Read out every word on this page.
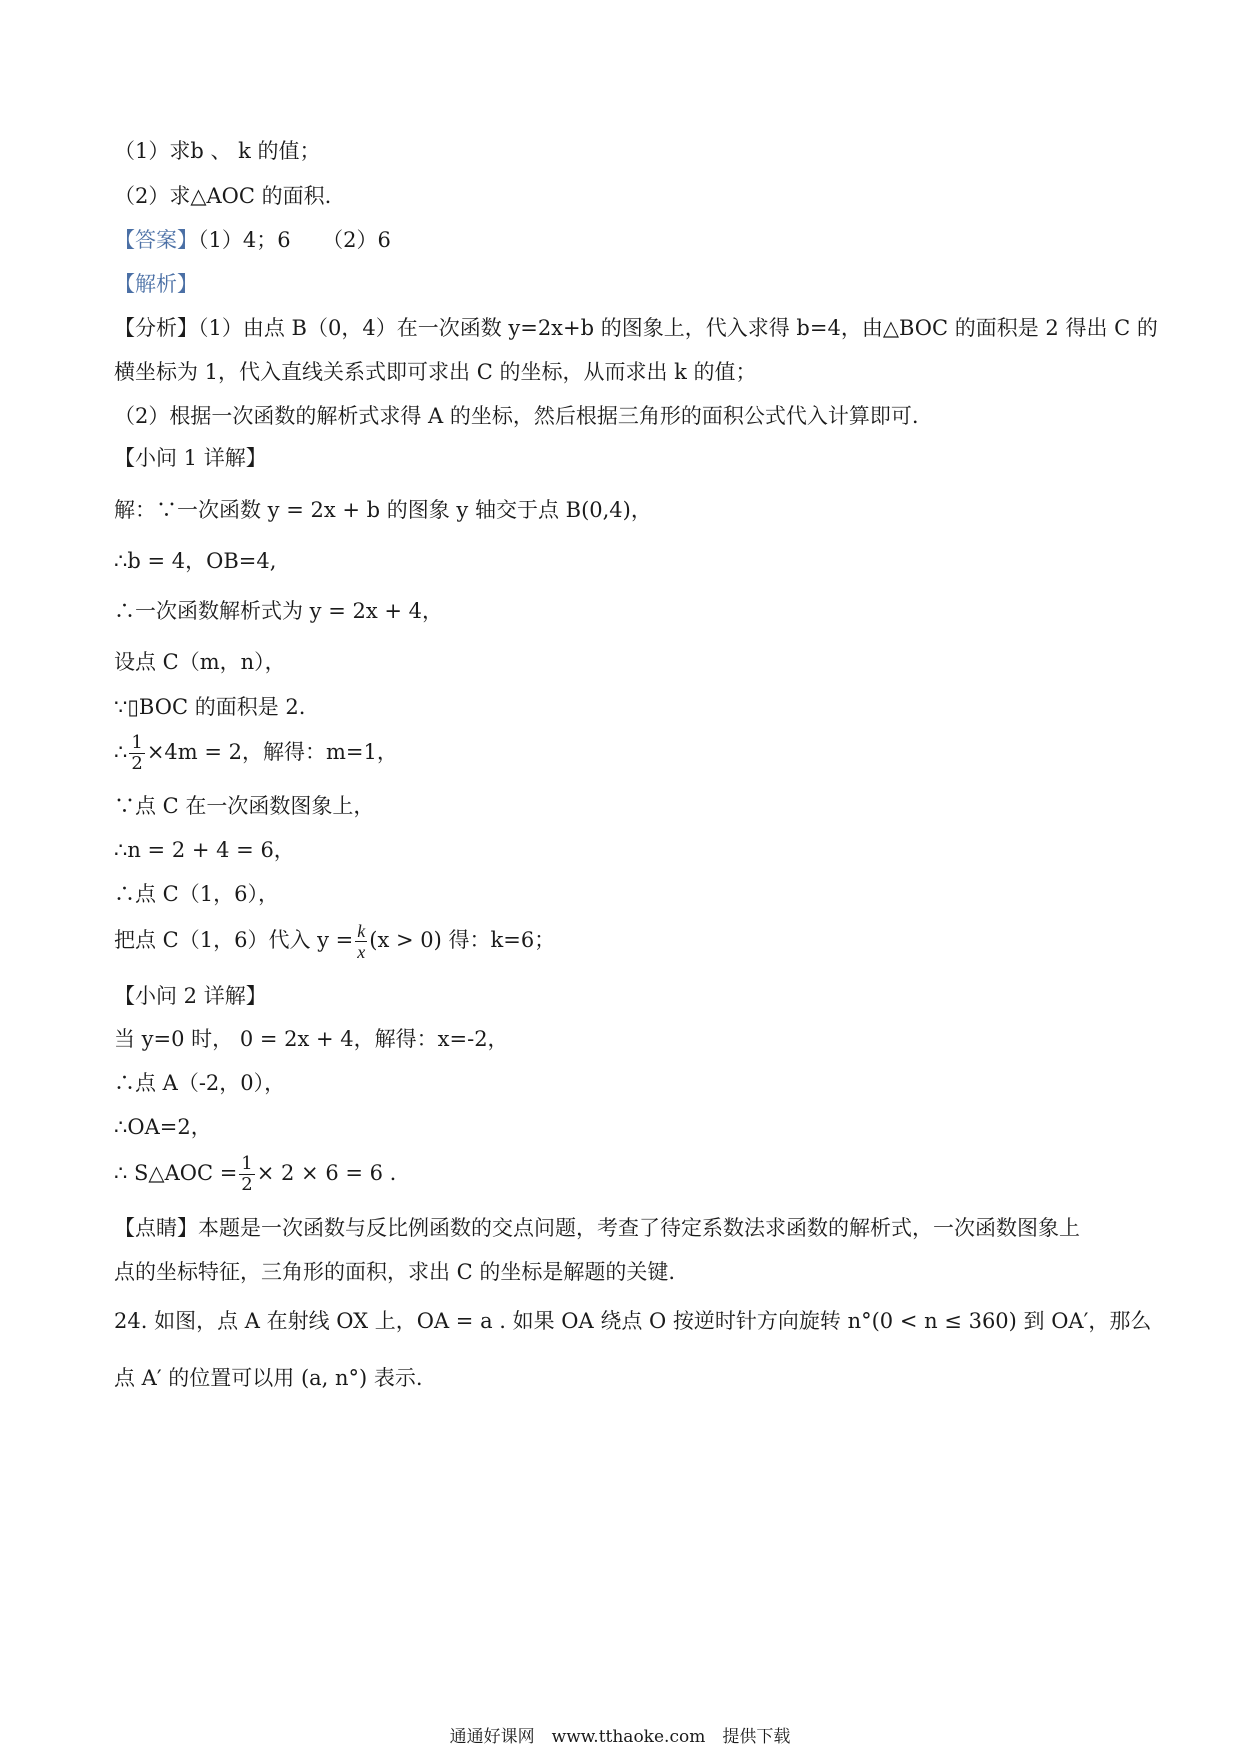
（1）求b 、 k 的值；
（2）求△AOC 的面积.
【答案】（1）4；6　　（2）6
【解析】
【分析】（1）由点 B（0，4）在一次函数 y=2x+b 的图象上，代入求得 b=4，由△BOC 的面积是 2 得出 C 的
横坐标为 1，代入直线关系式即可求出 C 的坐标，从而求出 k 的值；
（2）根据一次函数的解析式求得 A 的坐标，然后根据三角形的面积公式代入计算即可.
【小问 1 详解】
解：∵一次函数 y = 2x + b 的图象 y 轴交于点 B(0,4)，
∴b = 4，OB=4,
∴一次函数解析式为 y = 2x + 4，
设点 C（m，n），
∵▯BOC 的面积是 2.
∴ $\frac{1}{2} \times 4m = 2$，解得：m=1，
∵点 C 在一次函数图象上，
∴n = 2 + 4 = 6，
∴点 C（1，6），
把点 C（1，6）代入 $y = \frac{k}{x} (x > 0)$ 得：k=6；
【小问 2 详解】
当 y=0 时， 0 = 2x + 4，解得：x=-2，
∴点 A（-2，0），
∴OA=2，
∴ S△AOC = $\frac{1}{2} \times 2 \times 6 = 6$ .
【点睛】本题是一次函数与反比例函数的交点问题，考查了待定系数法求函数的解析式，一次函数图象上
点的坐标特征，三角形的面积，求出 C 的坐标是解题的关键.
24. 如图，点 A 在射线 OX 上，OA = a . 如果 OA 绕点 O 按逆时针方向旋转 n°(0 < n ≤ 360) 到 OA′，那么
点 A′ 的位置可以用 (a, n°) 表示.
通通好课网　www.tthaoke.com　提供下载
